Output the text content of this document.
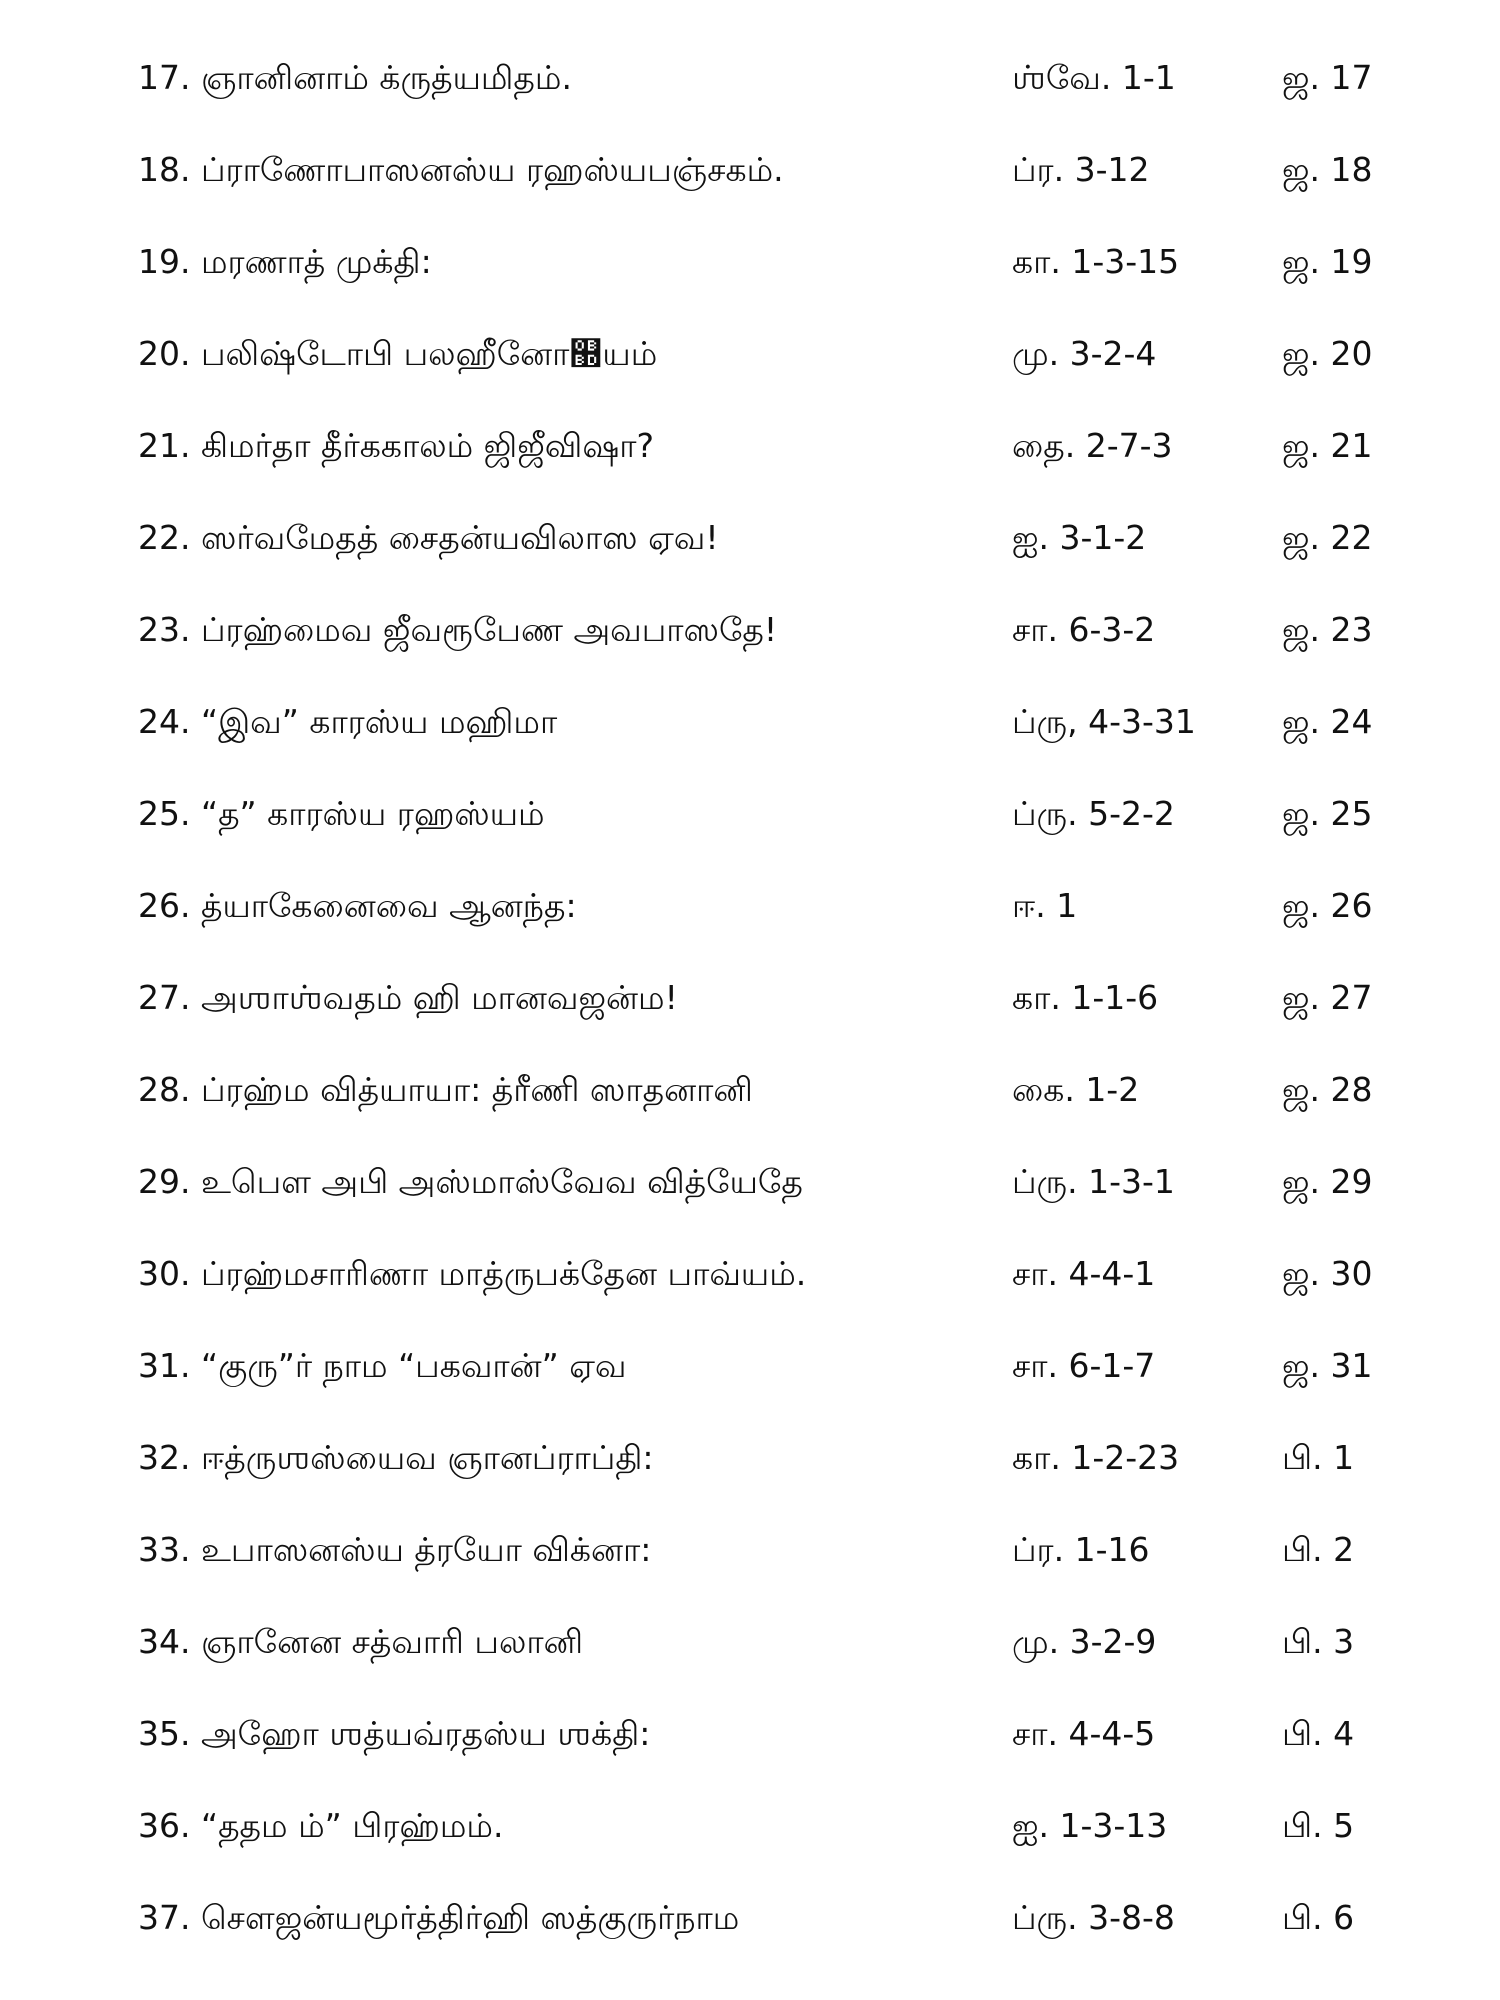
17. ஞானினாம் க்ருத்யமிதம்.	ஶ்வே. 1-1	ஜ. 17
18. ப்ராணோபாஸனஸ்ய ரஹஸ்யபஞ்சகம்.	ப்ர. 3-12	ஜ. 18
19. மரணாத் முக்தி:	கா. 1-3-15	ஜ. 19
20. பலிஷ்டோபி பலஹீனோ஽யம்	மு. 3-2-4	ஜ. 20
21. கிமர்தா தீர்ககாலம் ஜிஜீவிஷா?	தை. 2-7-3	ஜ. 21
22. ஸர்வமேதத் சைதன்யவிலாஸ ஏவ!	ஐ. 3-1-2	ஜ. 22
23. ப்ரஹ்மைவ ஜீவரூபேண அவபாஸதே!	சா. 6-3-2	ஜ. 23
24. “இவ” காரஸ்ய மஹிமா	ப்ரு, 4-3-31	ஜ. 24
25. “த” காரஸ்ய ரஹஸ்யம்	ப்ரு. 5-2-2	ஜ. 25
26. த்யாகேனைவை ஆனந்த:	ஈ. 1	ஜ. 26
27. அஶாஶ்வதம் ஹி மானவஜன்ம!	கா. 1-1-6	ஜ. 27
28. ப்ரஹ்ம வித்யாயா: த்ரீணி ஸாதனானி	கை. 1-2	ஜ. 28
29. உபௌ அபி அஸ்மாஸ்வேவ வித்யேதே	ப்ரு. 1-3-1	ஜ. 29
30. ப்ரஹ்மசாரிணா மாத்ருபக்தேன பாவ்யம்.	சா. 4-4-1	ஜ. 30
31. “குரு”ர் நாம “பகவான்” ஏவ	சா. 6-1-7	ஜ. 31
32. ஈத்ருஶஸ்யைவ ஞானப்ராப்தி:	கா. 1-2-23	பி. 1
33. உபாஸனஸ்ய த்ரயோ விக்னா:	ப்ர. 1-16	பி. 2
34. ஞானேன சத்வாரி பலானி	மு. 3-2-9	பி. 3
35. அஹோ ஶத்யவ்ரதஸ்ய ஶக்தி:	சா. 4-4-5	பி. 4
36. “ததம ம்” பிரஹ்மம்.	ஐ. 1-3-13	பி. 5
37. சௌஜன்யமூர்த்திர்ஹி ஸத்குருர்நாம	ப்ரு. 3-8-8	பி. 6
